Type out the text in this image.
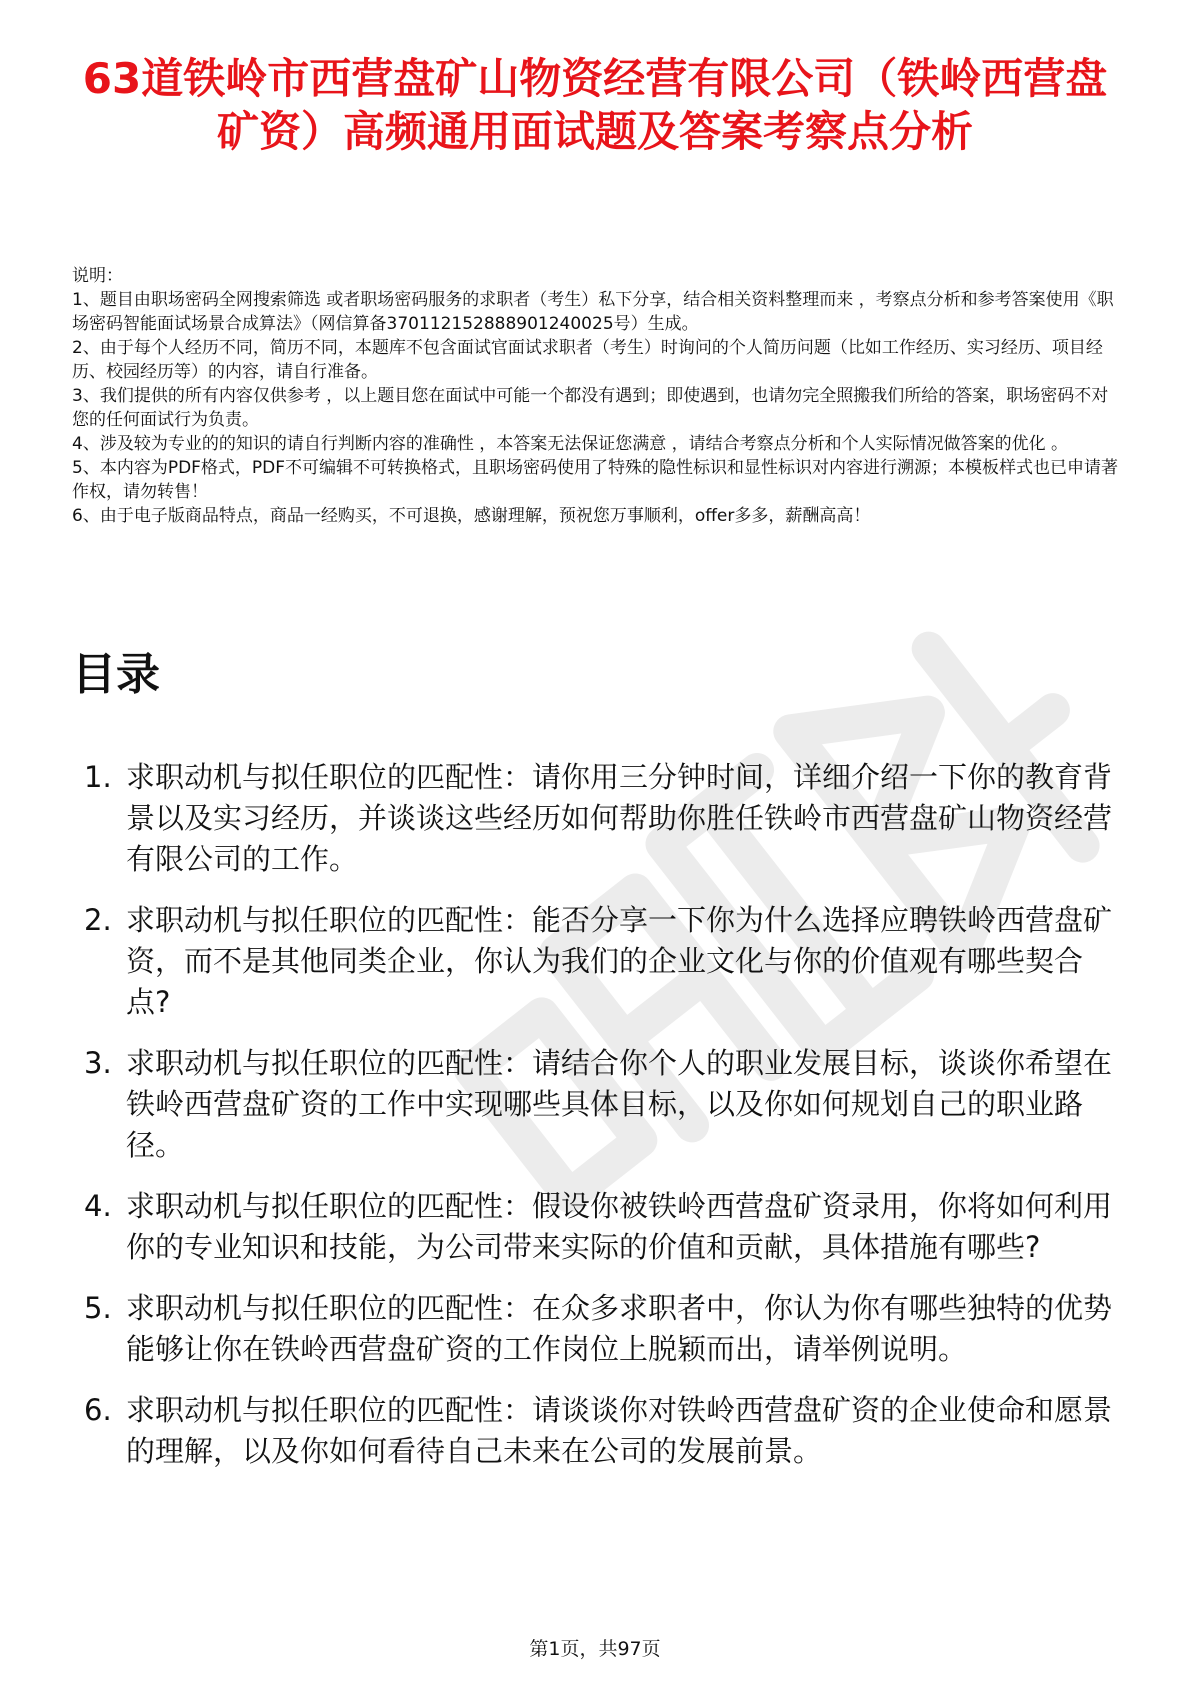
63道铁岭市西营盘矿山物资经营有限公司（铁岭西营盘矿资）高频通用面试题及答案考察点分析

说明：

1、题目由职场密码全网搜索筛选 或者职场密码服务的求职者（考生）私下分享，结合相关资料整理而来 ，考察点分析和参考答案使用《职场密码智能面试场景合成算法》（网信算备370112152888901240025号）生成。

2、由于每个人经历不同，简历不同，本题库不包含面试官面试求职者（考生）时询问的个人简历问题（比如工作经历、实习经历、项目经历、校园经历等）的内容，请自行准备。

3、我们提供的所有内容仅供参考 ，以上题目您在面试中可能一个都没有遇到；即使遇到，也请勿完全照搬我们所给的答案，职场密码不对您的任何面试行为负责。

4、涉及较为专业的的知识的请自行判断内容的准确性 ，本答案无法保证您满意 ，请结合考察点分析和个人实际情况做答案的优化 。

5、本内容为PDF格式，PDF不可编辑不可转换格式，且职场密码使用了特殊的隐性标识和显性标识对内容进行溯源；本模板样式也已申请著作权，请勿转售！

6、由于电子版商品特点，商品一经购买，不可退换，感谢理解，预祝您万事顺利，offer多多，薪酬高高！

目录
1. 求职动机与拟任职位的匹配性：请你用三分钟时间，详细介绍一下你的教育背景以及实习经历，并谈谈这些经历如何帮助你胜任铁岭市西营盘矿山物资经营有限公司的工作。
2. 求职动机与拟任职位的匹配性：能否分享一下你为什么选择应聘铁岭西营盘矿资，而不是其他同类企业，你认为我们的企业文化与你的价值观有哪些契合点?
3. 求职动机与拟任职位的匹配性：请结合你个人的职业发展目标，谈谈你希望在铁岭西营盘矿资的工作中实现哪些具体目标，以及你如何规划自己的职业路径。
4. 求职动机与拟任职位的匹配性：假设你被铁岭西营盘矿资录用，你将如何利用你的专业知识和技能，为公司带来实际的价值和贡献，具体措施有哪些?
5. 求职动机与拟任职位的匹配性：在众多求职者中，你认为你有哪些独特的优势能够让你在铁岭西营盘矿资的工作岗位上脱颖而出，请举例说明。
6. 求职动机与拟任职位的匹配性：请谈谈你对铁岭西营盘矿资的企业使命和愿景的理解，以及你如何看待自己未来在公司的发展前景。
第1页，共97页
